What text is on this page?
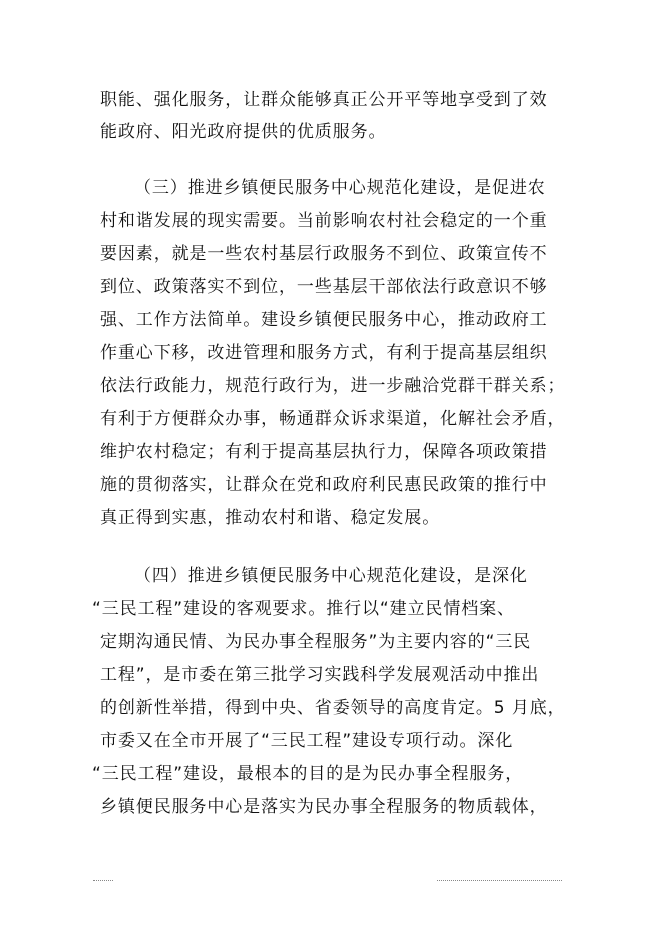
职能、强化服务，让群众能够真正公开平等地享受到了效
能政府、阳光政府提供的优质服务。
（三）推进乡镇便民服务中心规范化建设，是促进农
村和谐发展的现实需要。当前影响农村社会稳定的一个重
要因素，就是一些农村基层行政服务不到位、政策宣传不
到位、政策落实不到位，一些基层干部依法行政意识不够
强、工作方法简单。建设乡镇便民服务中心，推动政府工
作重心下移，改进管理和服务方式，有利于提高基层组织
依法行政能力，规范行政行为，进一步融洽党群干群关系；
有利于方便群众办事，畅通群众诉求渠道，化解社会矛盾，
维护农村稳定；有利于提高基层执行力，保障各项政策措
施的贯彻落实，让群众在党和政府利民惠民政策的推行中
真正得到实惠，推动农村和谐、稳定发展。
（四）推进乡镇便民服务中心规范化建设，是深化
“三民工程”建设的客观要求。推行以“建立民情档案、
定期沟通民情、为民办事全程服务”为主要内容的“三民
工程”，是市委在第三批学习实践科学发展观活动中推出
的创新性举措，得到中央、省委领导的高度肯定。5 月底，
市委又在全市开展了“三民工程”建设专项行动。深化
“三民工程”建设，最根本的目的是为民办事全程服务，
乡镇便民服务中心是落实为民办事全程服务的物质载体，
